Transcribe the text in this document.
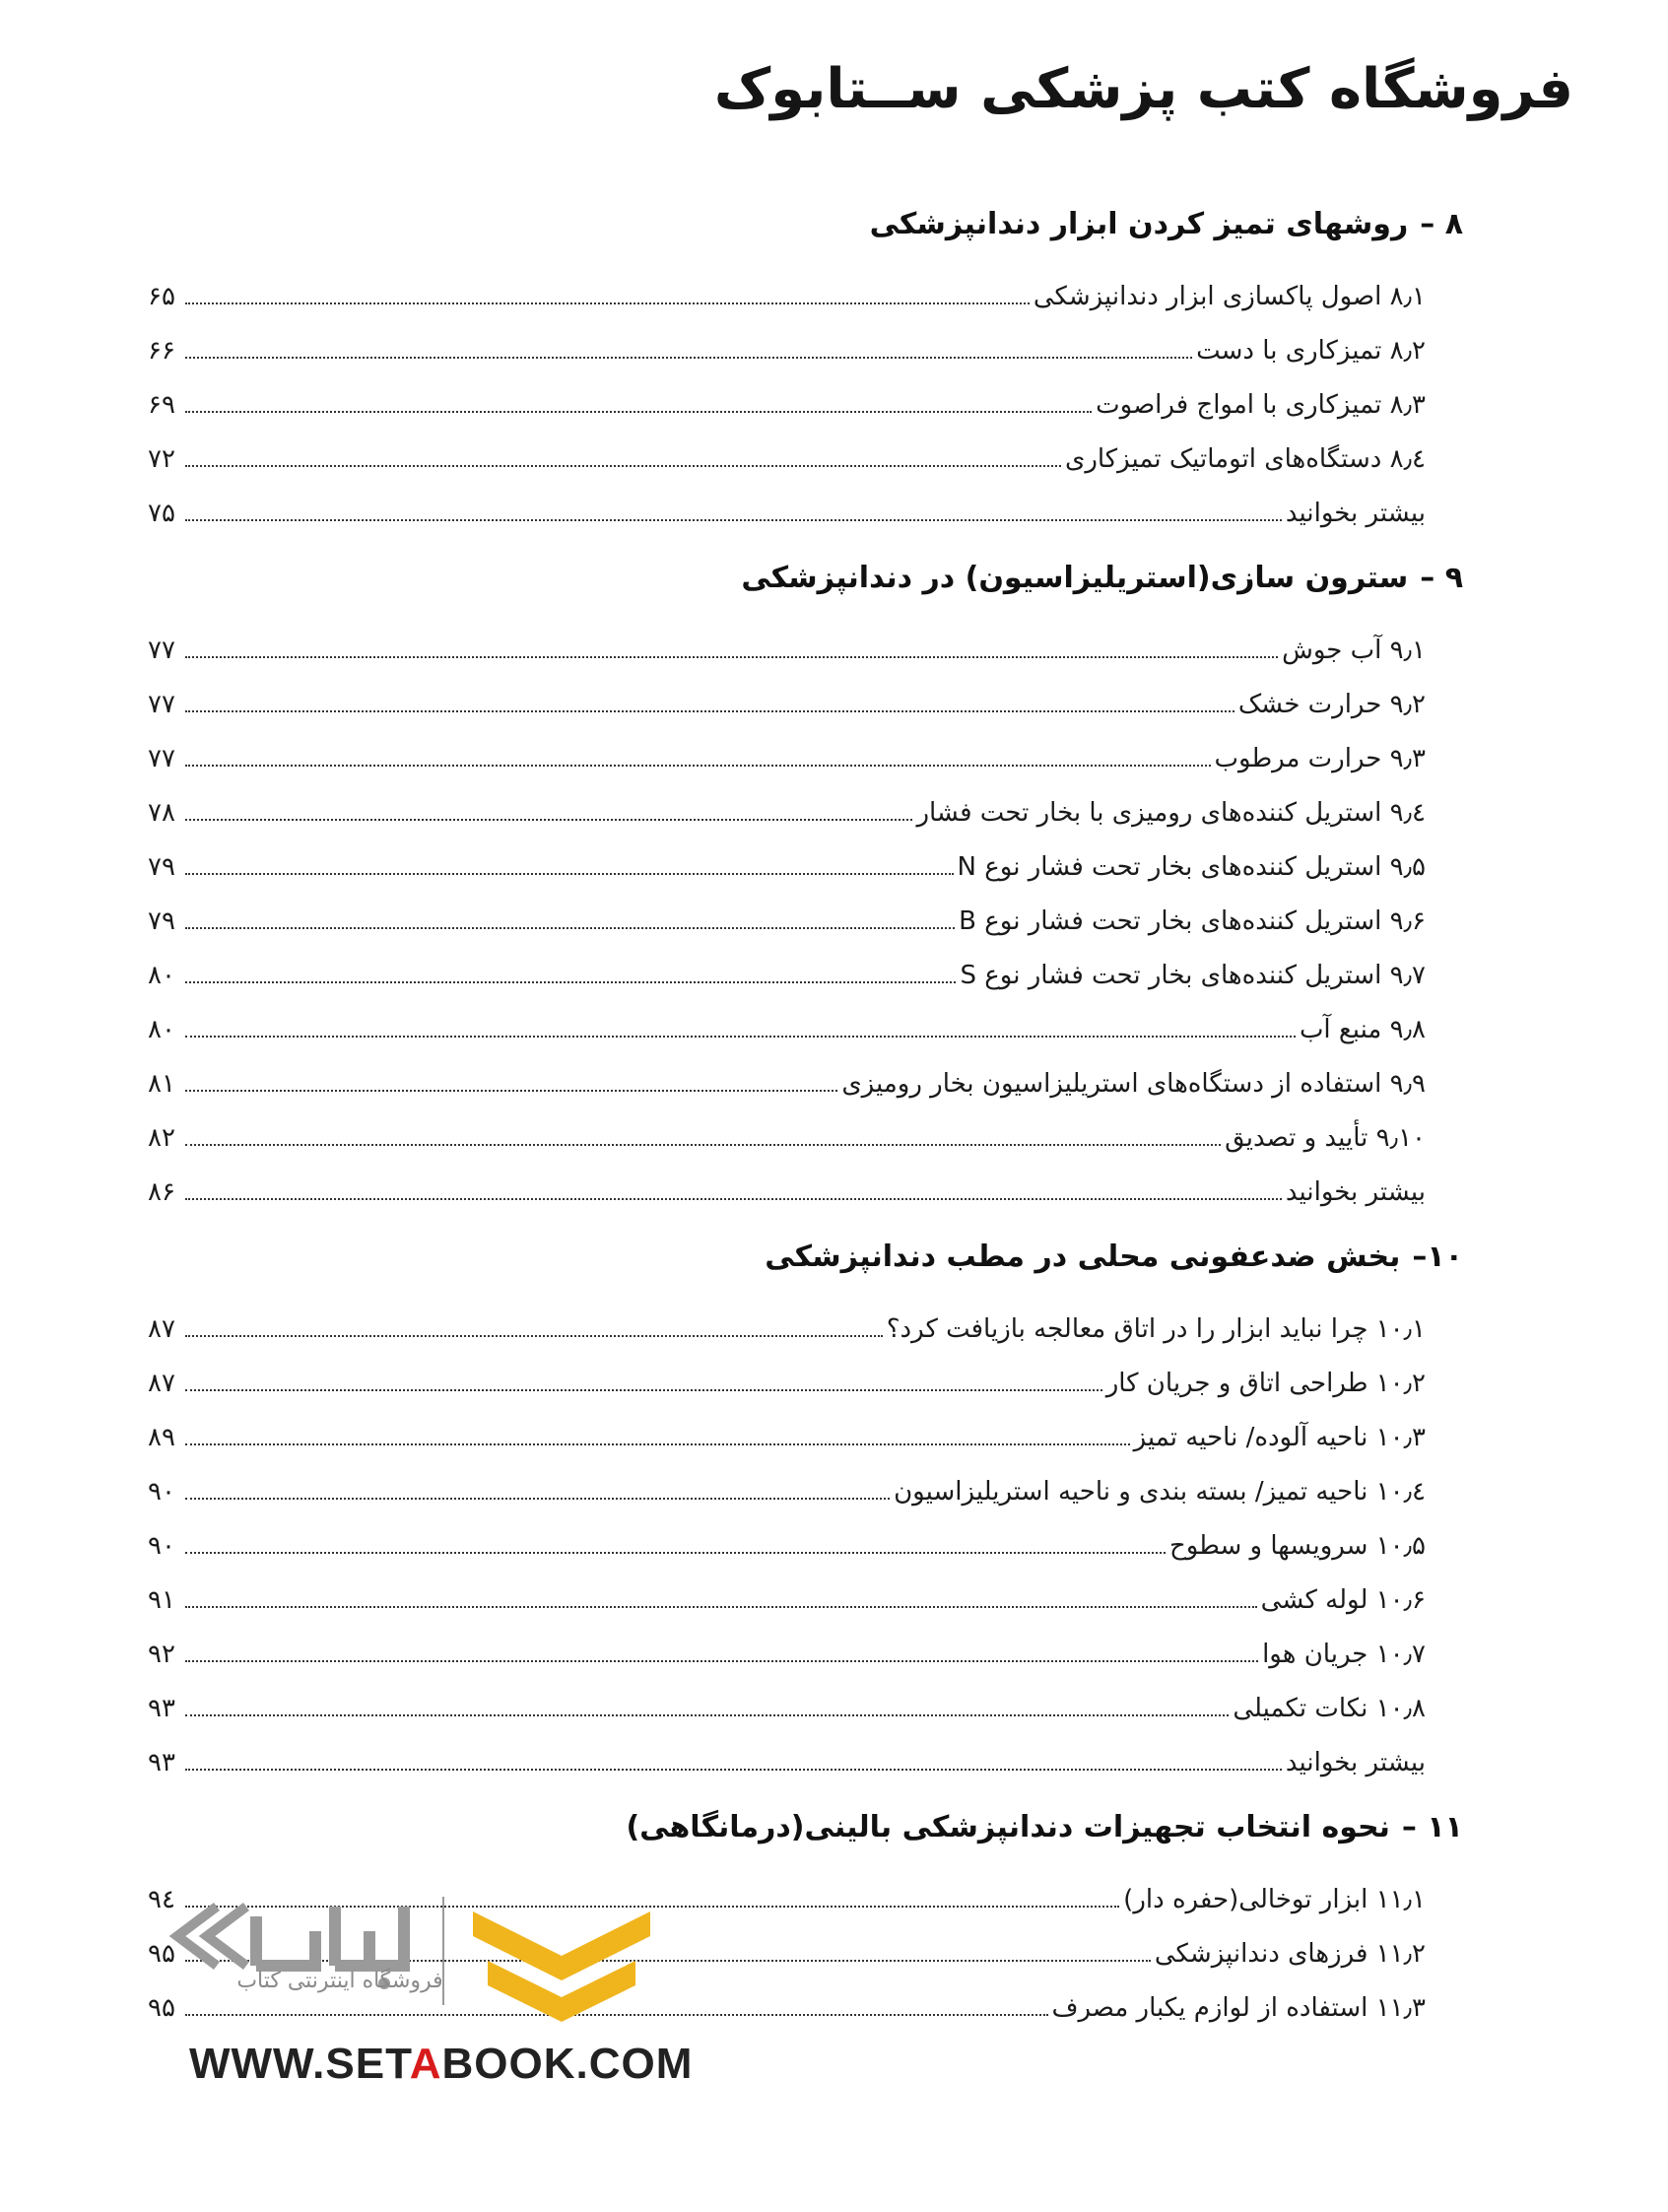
فروشگاه کتب پزشکی ســتابوک
۸ –روشهای تمیز کردن ابزار دندانپزشکی
۸٫۱ اصول پاکسازی ابزار دندانپزشکی
۶۵
۸٫۲ تمیزکاری با دست
۶۶
۸٫۳ تمیزکاری با امواج فراصوت
۶۹
۸٫٤ دستگاه‌های اتوماتیک تمیزکاری
۷۲
بیشتر بخوانید
۷۵
۹ –سترون سازی(استریلیزاسیون) در دندانپزشکی
۹٫۱ آب جوش
۷۷
۹٫۲ حرارت خشک
۷۷
۹٫۳ حرارت مرطوب
۷۷
۹٫٤ استریل کننده‌های رومیزی با بخار تحت فشار
۷۸
۹٫۵ استریل کننده‌های بخار تحت فشار نوع N
۷۹
۹٫۶ استریل کننده‌های بخار تحت فشار نوع B
۷۹
۹٫۷ استریل کننده‌های بخار تحت فشار نوع S
۸۰
۹٫۸ منبع آب
۸۰
۹٫۹ استفاده از دستگاه‌های استریلیزاسیون بخار رومیزی
۸۱
۹٫۱۰ تأیید و تصدیق
۸۲
بیشتر بخوانید
۸۶
۱۰–بخش ضدعفونی محلی در مطب دندانپزشکی
۱۰٫۱ چرا نباید ابزار را در اتاق معالجه بازیافت کرد؟
۸۷
۱۰٫۲ طراحی اتاق و جریان کار
۸۷
۱۰٫۳ ناحیه آلوده/ ناحیه تمیز
۸۹
۱۰٫٤ ناحیه تمیز/ بسته بندی و ناحیه استریلیزاسیون
۹۰
۱۰٫۵ سرویسها و سطوح
۹۰
۱۰٫۶ لوله کشی
۹۱
۱۰٫۷ جریان هوا
۹۲
۱۰٫۸ نکات تکمیلی
۹۳
بیشتر بخوانید
۹۳
۱۱ –نحوه انتخاب تجهیزات دندانپزشکی بالینی(درمانگاهی)
۱۱٫۱ ابزار توخالی(حفره دار)
۹٤
۱۱٫۲ فرزهای دندانپزشکی
۹۵
۱۱٫۳ استفاده از لوازم یکبار مصرف
۹۵
فروشگاه اینترنتی کتاب
WWW.SETABOOK.COM
